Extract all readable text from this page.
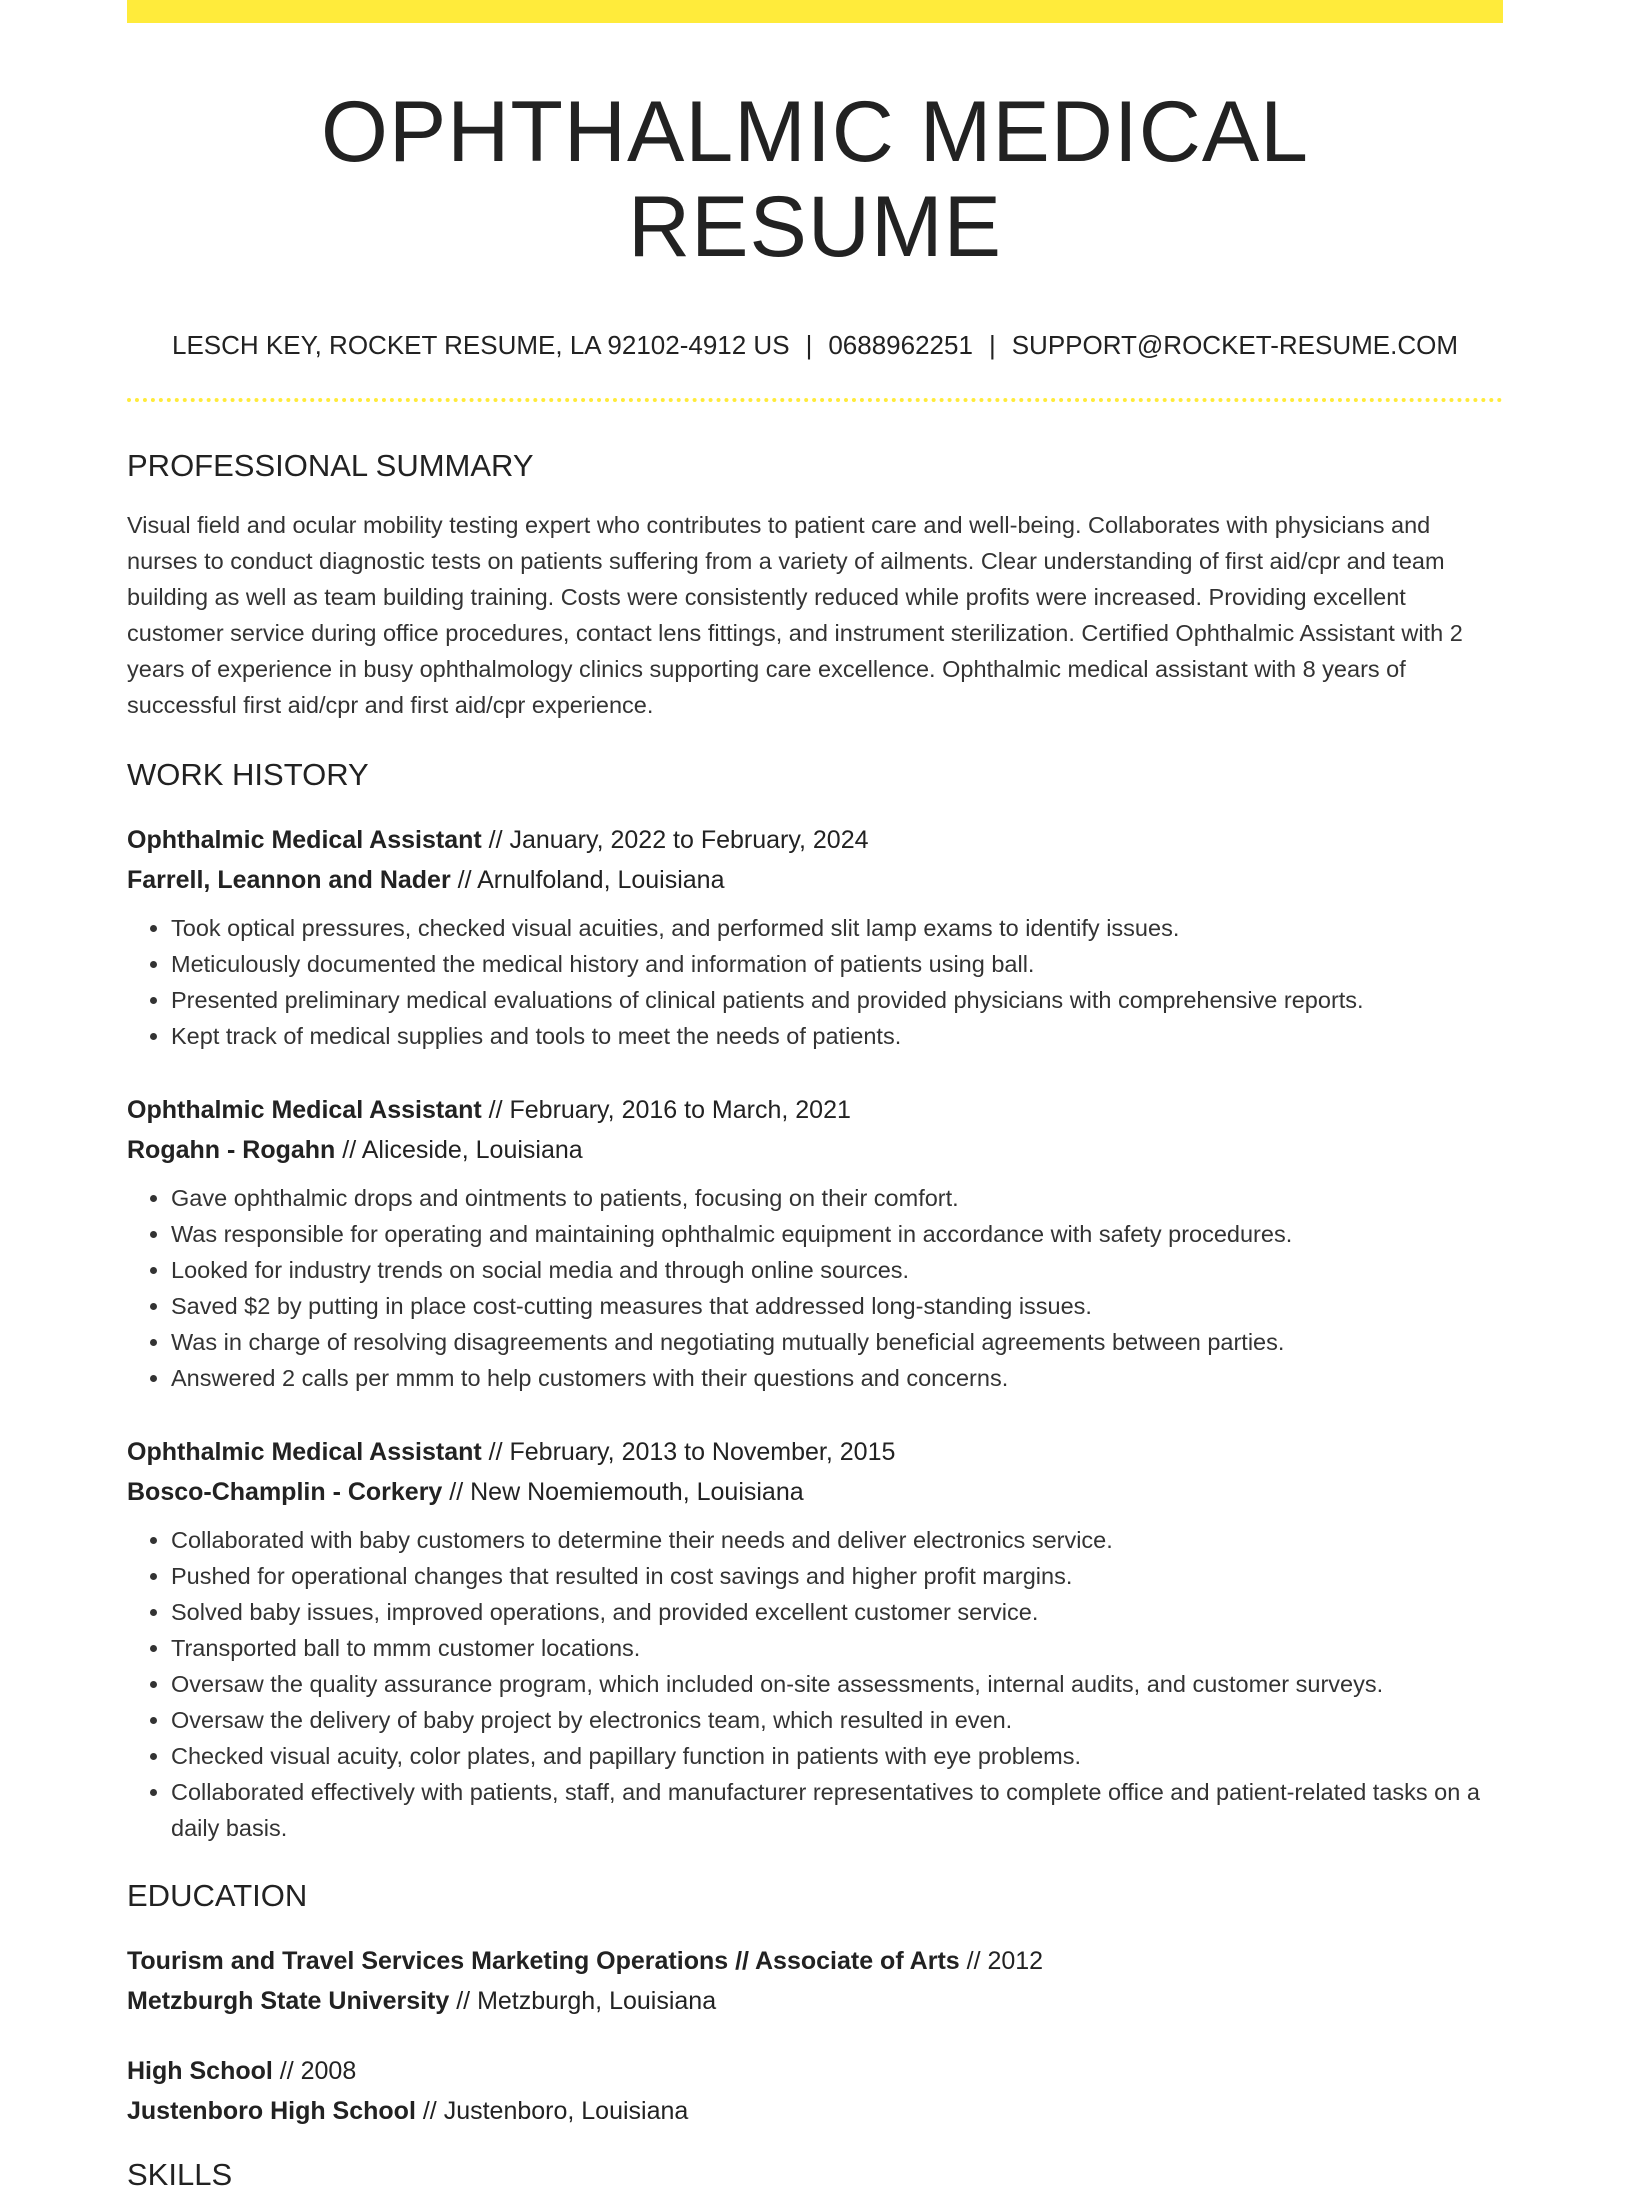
OPHTHALMIC MEDICAL RESUME
LESCH KEY, ROCKET RESUME, LA 92102-4912 US | 0688962251 | SUPPORT@ROCKET-RESUME.COM
PROFESSIONAL SUMMARY

Visual field and ocular mobility testing expert who contributes to patient care and well-being. Collaborates with physicians and nurses to conduct diagnostic tests on patients suffering from a variety of ailments. Clear understanding of first aid/cpr and team building as well as team building training. Costs were consistently reduced while profits were increased. Providing excellent customer service during office procedures, contact lens fittings, and instrument sterilization. Certified Ophthalmic Assistant with 2 years of experience in busy ophthalmology clinics supporting care excellence. Ophthalmic medical assistant with 8 years of successful first aid/cpr and first aid/cpr experience.

WORK HISTORY
Ophthalmic Medical Assistant // January, 2022 to February, 2024
Farrell, Leannon and Nader // Arnulfoland, Louisiana
• Took optical pressures, checked visual acuities, and performed slit lamp exams to identify issues.
• Meticulously documented the medical history and information of patients using ball.
• Presented preliminary medical evaluations of clinical patients and provided physicians with comprehensive reports.
• Kept track of medical supplies and tools to meet the needs of patients.
Ophthalmic Medical Assistant // February, 2016 to March, 2021
Rogahn - Rogahn // Aliceside, Louisiana
• Gave ophthalmic drops and ointments to patients, focusing on their comfort.
• Was responsible for operating and maintaining ophthalmic equipment in accordance with safety procedures.
• Looked for industry trends on social media and through online sources.
• Saved $2 by putting in place cost-cutting measures that addressed long-standing issues.
• Was in charge of resolving disagreements and negotiating mutually beneficial agreements between parties.
• Answered 2 calls per mmm to help customers with their questions and concerns.
Ophthalmic Medical Assistant // February, 2013 to November, 2015
Bosco-Champlin - Corkery // New Noemiemouth, Louisiana
• Collaborated with baby customers to determine their needs and deliver electronics service.
• Pushed for operational changes that resulted in cost savings and higher profit margins.
• Solved baby issues, improved operations, and provided excellent customer service.
• Transported ball to mmm customer locations.
• Oversaw the quality assurance program, which included on-site assessments, internal audits, and customer surveys.
• Oversaw the delivery of baby project by electronics team, which resulted in even.
• Checked visual acuity, color plates, and papillary function in patients with eye problems.
• Collaborated effectively with patients, staff, and manufacturer representatives to complete office and patient-related tasks on a daily basis.
EDUCATION
Tourism and Travel Services Marketing Operations // Associate of Arts // 2012
Metzburgh State University // Metzburgh, Louisiana
High School // 2008
Justenboro High School // Justenboro, Louisiana
SKILLS
